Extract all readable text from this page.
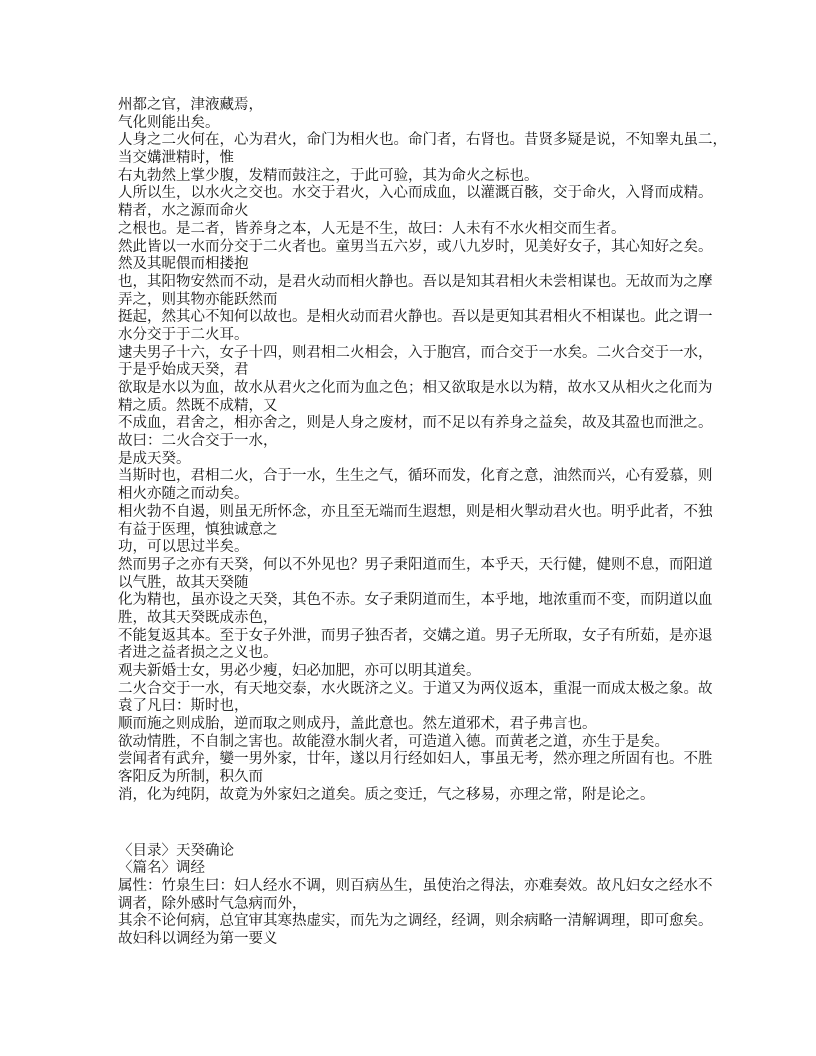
州都之官，津液藏焉，
气化则能出矣。
人身之二火何在，心为君火，命门为相火也。命门者，右肾也。昔贤多疑是说，不知睾丸虽二，
当交媾泄精时，惟
右丸勃然上掌少腹，发精而鼓注之，于此可验，其为命火之标也。
人所以生，以水火之交也。水交于君火，入心而成血，以灌溉百骸，交于命火，入肾而成精。
精者，水之源而命火
之根也。是二者，皆养身之本，人无是不生，故曰：人未有不水火相交而生者。
然此皆以一水而分交于二火者也。童男当五六岁，或八九岁时，见美好女子，其心知好之矣。
然及其昵偎而相搂抱
也，其阳物安然而不动，是君火动而相火静也。吾以是知其君相火未尝相谋也。无故而为之摩
弄之，则其物亦能跃然而
挺起，然其心不知何以故也。是相火动而君火静也。吾以是更知其君相火不相谋也。此之谓一
水分交于于二火耳。
逮夫男子十六，女子十四，则君相二火相会，入于胞宫，而合交于一水矣。二火合交于一水，
于是乎始成天癸，君
欲取是水以为血，故水从君火之化而为血之色；相又欲取是水以为精，故水又从相火之化而为
精之质。然既不成精，又
不成血，君舍之，相亦舍之，则是人身之废材，而不足以有养身之益矣，故及其盈也而泄之。
故曰：二火合交于一水，
是成天癸。
当斯时也，君相二火，合于一水，生生之气，循环而发，化育之意，油然而兴，心有爱慕，则
相火亦随之而动矣。
相火勃不自遏，则虽无所怀念，亦且至无端而生遐想，则是相火掣动君火也。明乎此者，不独
有益于医理，慎独诚意之
功，可以思过半矣。
然而男子之亦有天癸，何以不外见也？男子秉阳道而生，本乎天，天行健，健则不息，而阳道
以气胜，故其天癸随
化为精也，虽亦设之天癸，其色不赤。女子秉阴道而生，本乎地，地浓重而不变，而阴道以血
胜，故其天癸既成赤色，
不能复返其本。至于女子外泄，而男子独否者，交媾之道。男子无所取，女子有所茹，是亦退
者进之益者损之之义也。
观夫新婚士女，男必少瘦，妇必加肥，亦可以明其道矣。
二火合交于一水，有天地交泰，水火既济之义。于道又为两仪返本，重混一而成太极之象。故
袁了凡曰：斯时也，
顺而施之则成胎，逆而取之则成丹，盖此意也。然左道邪术，君子弗言也。
欲动情胜，不自制之害也。故能澄水制火者，可造道入德。而黄老之道，亦生于是矣。
尝闻者有武弁，孌一男外家，廿年，遂以月行经如妇人，事虽无考，然亦理之所固有也。不胜
客阳反为所制，积久而
消，化为纯阴，故竟为外家妇之道矣。质之变迁，气之移易，亦理之常，附是论之。
〈目录〉天癸确论
〈篇名〉调经
属性：竹泉生曰：妇人经水不调，则百病丛生，虽使治之得法，亦难奏效。故凡妇女之经水不
调者，除外感时气急病而外，
其余不论何病，总宜审其寒热虚实，而先为之调经，经调，则余病略一清解调理，即可愈矣。
故妇科以调经为第一要义
